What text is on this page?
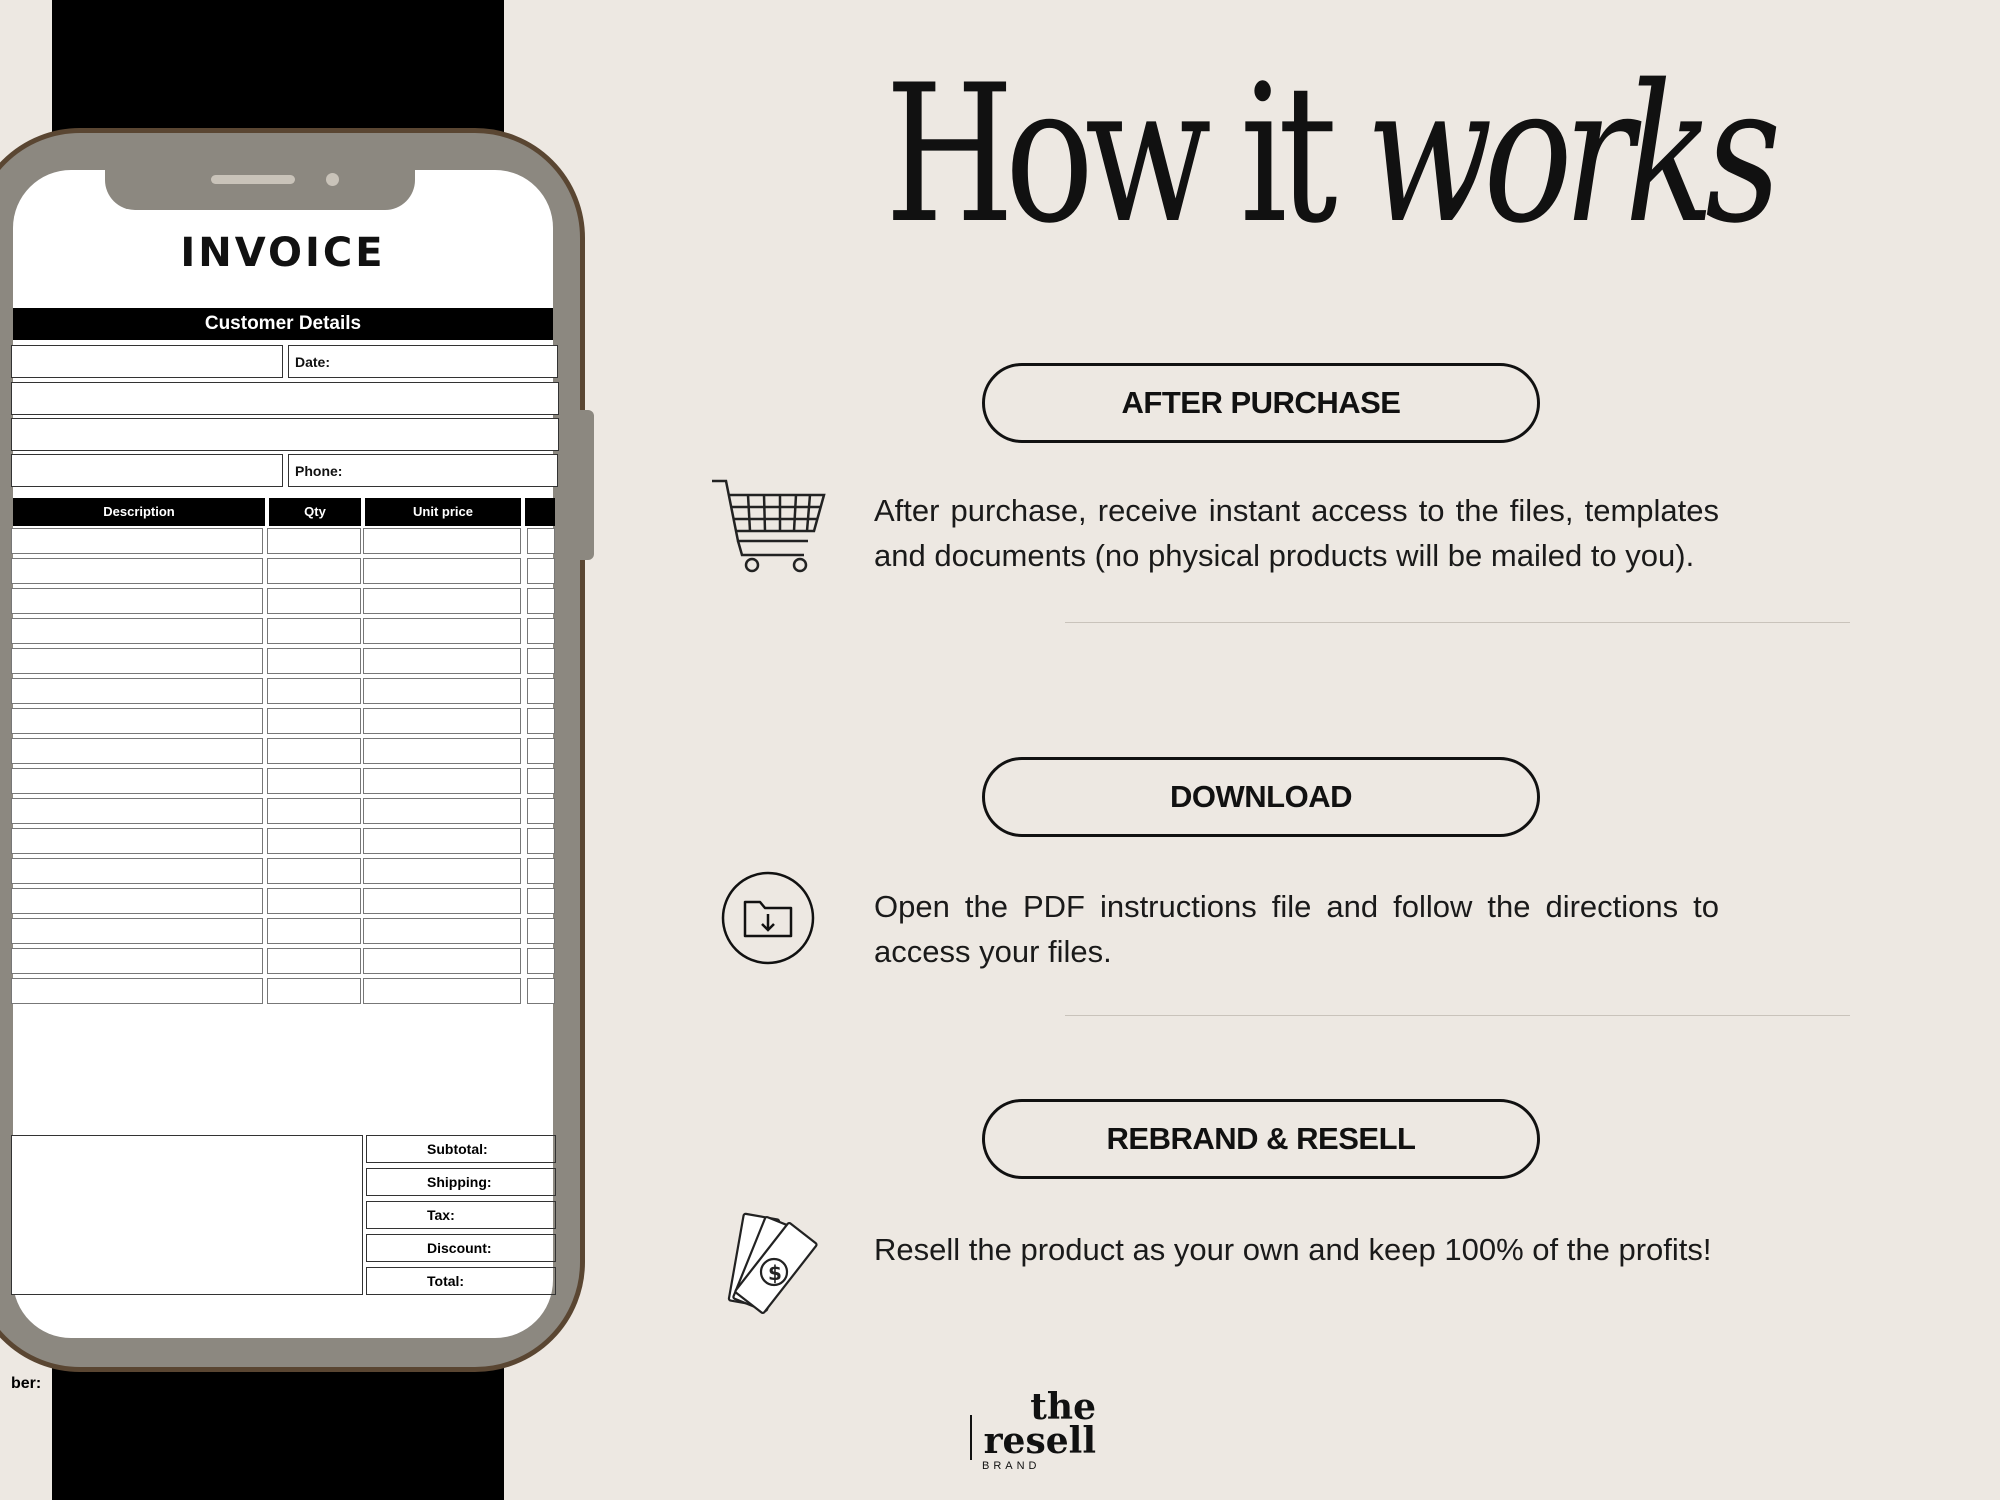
INVOICE
Customer Details
Date:
Phone:
Description	Qty	Unit price
Subtotal:
Shipping:
Tax:
Discount:
Total:
ber:
How it works
AFTER PURCHASE
After purchase, receive instant access to the files, templates and documents (no physical products will be mailed to you).
DOWNLOAD
Open the PDF instructions file and follow the directions to access your files.
REBRAND & RESELL
$
Resell the product as your own and keep 100% of the profits!
the
resell
BRAND
